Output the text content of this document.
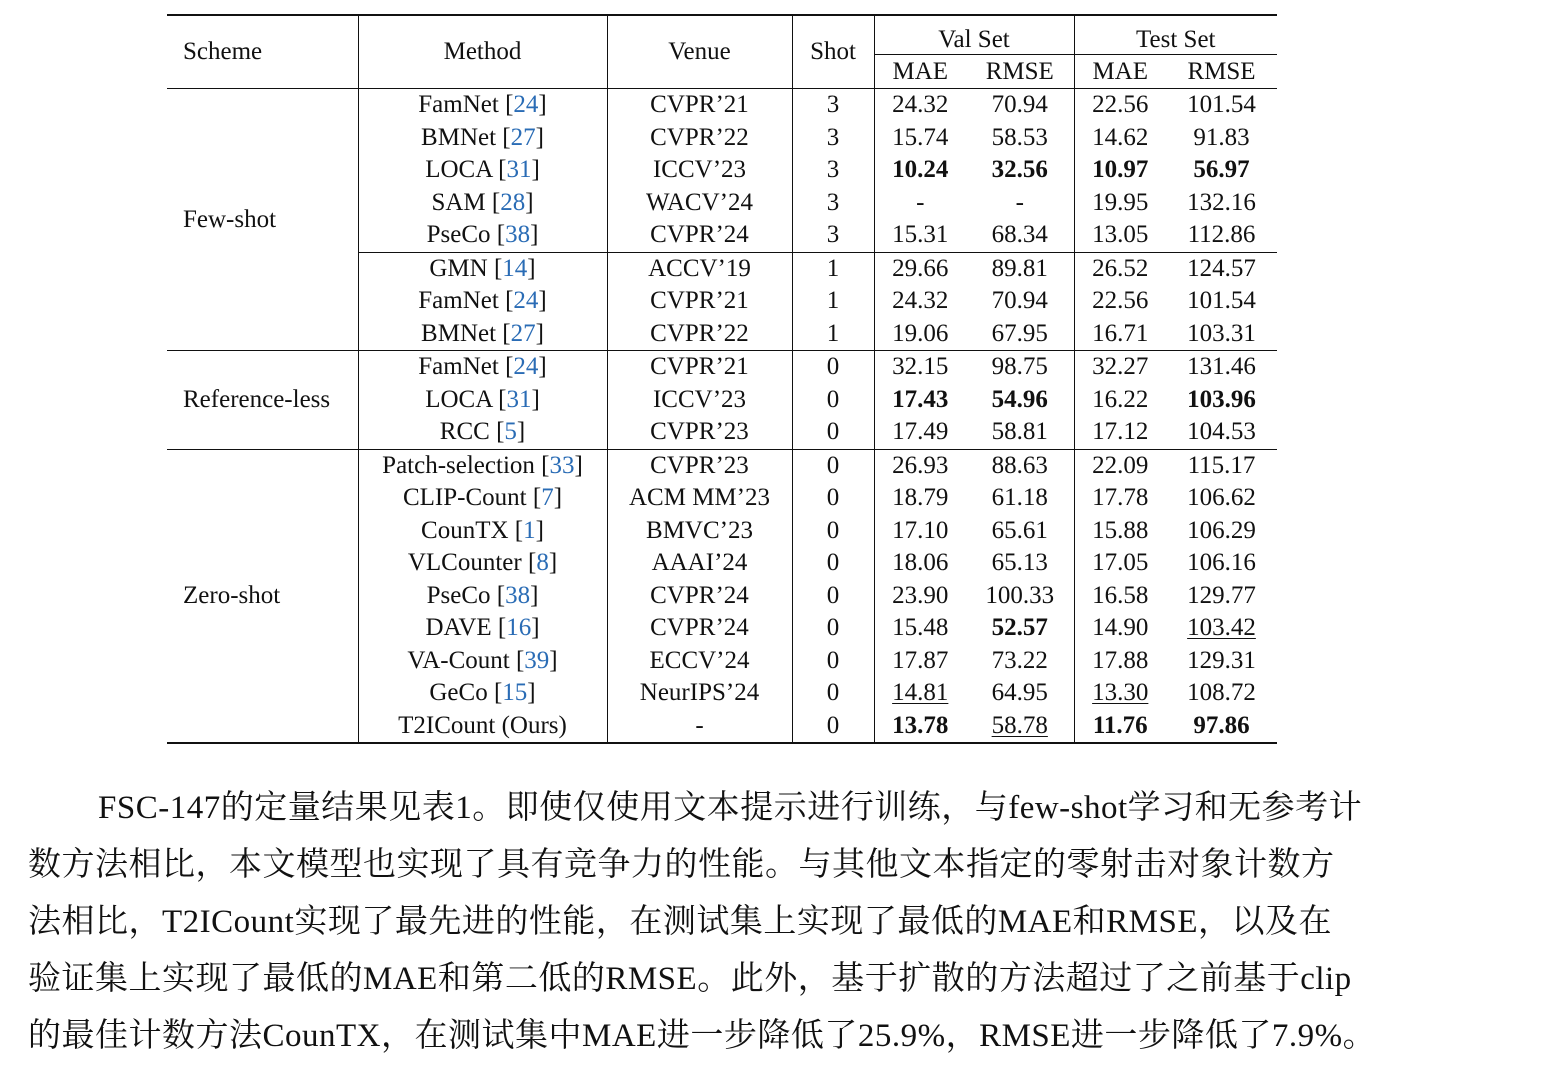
Scheme	Method	Venue	Shot	Val Set		Test Set	
				MAE	RMSE	MAE	RMSE
Few-shot	FamNet [24]	CVPR’21	3	24.32	70.94	22.56	101.54
	BMNet [27]	CVPR’22	3	15.74	58.53	14.62	91.83
	LOCA [31]	ICCV’23	3	10.24	32.56	10.97	56.97
	SAM [28]	WACV’24	3	-	-	19.95	132.16
	PseCo [38]	CVPR’24	3	15.31	68.34	13.05	112.86
	GMN [14]	ACCV’19	1	29.66	89.81	26.52	124.57
	FamNet [24]	CVPR’21	1	24.32	70.94	22.56	101.54
	BMNet [27]	CVPR’22	1	19.06	67.95	16.71	103.31
Reference-less	FamNet [24]	CVPR’21	0	32.15	98.75	32.27	131.46
	LOCA [31]	ICCV’23	0	17.43	54.96	16.22	103.96
	RCC [5]	CVPR’23	0	17.49	58.81	17.12	104.53
Zero-shot	Patch-selection [33]	CVPR’23	0	26.93	88.63	22.09	115.17
	CLIP-Count [7]	ACM MM’23	0	18.79	61.18	17.78	106.62
	CounTX [1]	BMVC’23	0	17.10	65.61	15.88	106.29
	VLCounter [8]	AAAI’24	0	18.06	65.13	17.05	106.16
	PseCo [38]	CVPR’24	0	23.90	100.33	16.58	129.77
	DAVE [16]	CVPR’24	0	15.48	52.57	14.90	103.42
	VA-Count [39]	ECCV’24	0	17.87	73.22	17.88	129.31
	GeCo [15]	NeurIPS’24	0	14.81	64.95	13.30	108.72
	T2ICount (Ours)	-	0	13.78	58.78	11.76	97.86

FSC-147的定量结果见表1。即使仅使用文本提示进行训练，与few-shot学习和无参考计
数方法相比，本文模型也实现了具有竞争力的性能。与其他文本指定的零射击对象计数方
法相比，T2ICount实现了最先进的性能，在测试集上实现了最低的MAE和RMSE，以及在
验证集上实现了最低的MAE和第二低的RMSE。此外，基于扩散的方法超过了之前基于clip
的最佳计数方法CounTX，在测试集中MAE进一步降低了25.9%，RMSE进一步降低了7.9%。
